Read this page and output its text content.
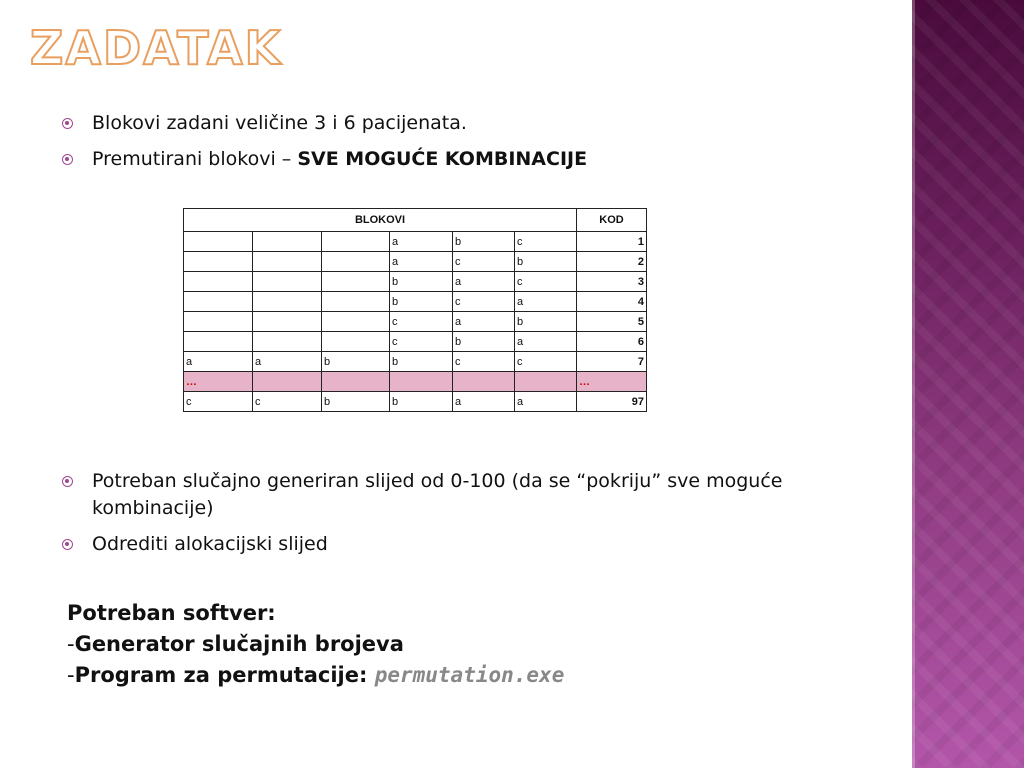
ZADATAK
Blokovi zadani veličine 3 i 6 pacijenata.
Premutirani blokovi – SVE MOGUĆE KOMBINACIJE
BLOKOVI						KOD
			a	b	c	1
			a	c	b	2
			b	a	c	3
			b	c	a	4
			c	a	b	5
			c	b	a	6
a	a	b	b	c	c	7
…						…
c	c	b	b	a	a	97
Potreban slučajno generiran slijed od 0-100 (da se “pokriju” sve moguće kombinacije)
Odrediti alokacijski slijed
Potreban softver:
-Generator slučajnih brojeva
-Program za permutacije: permutation.exe
